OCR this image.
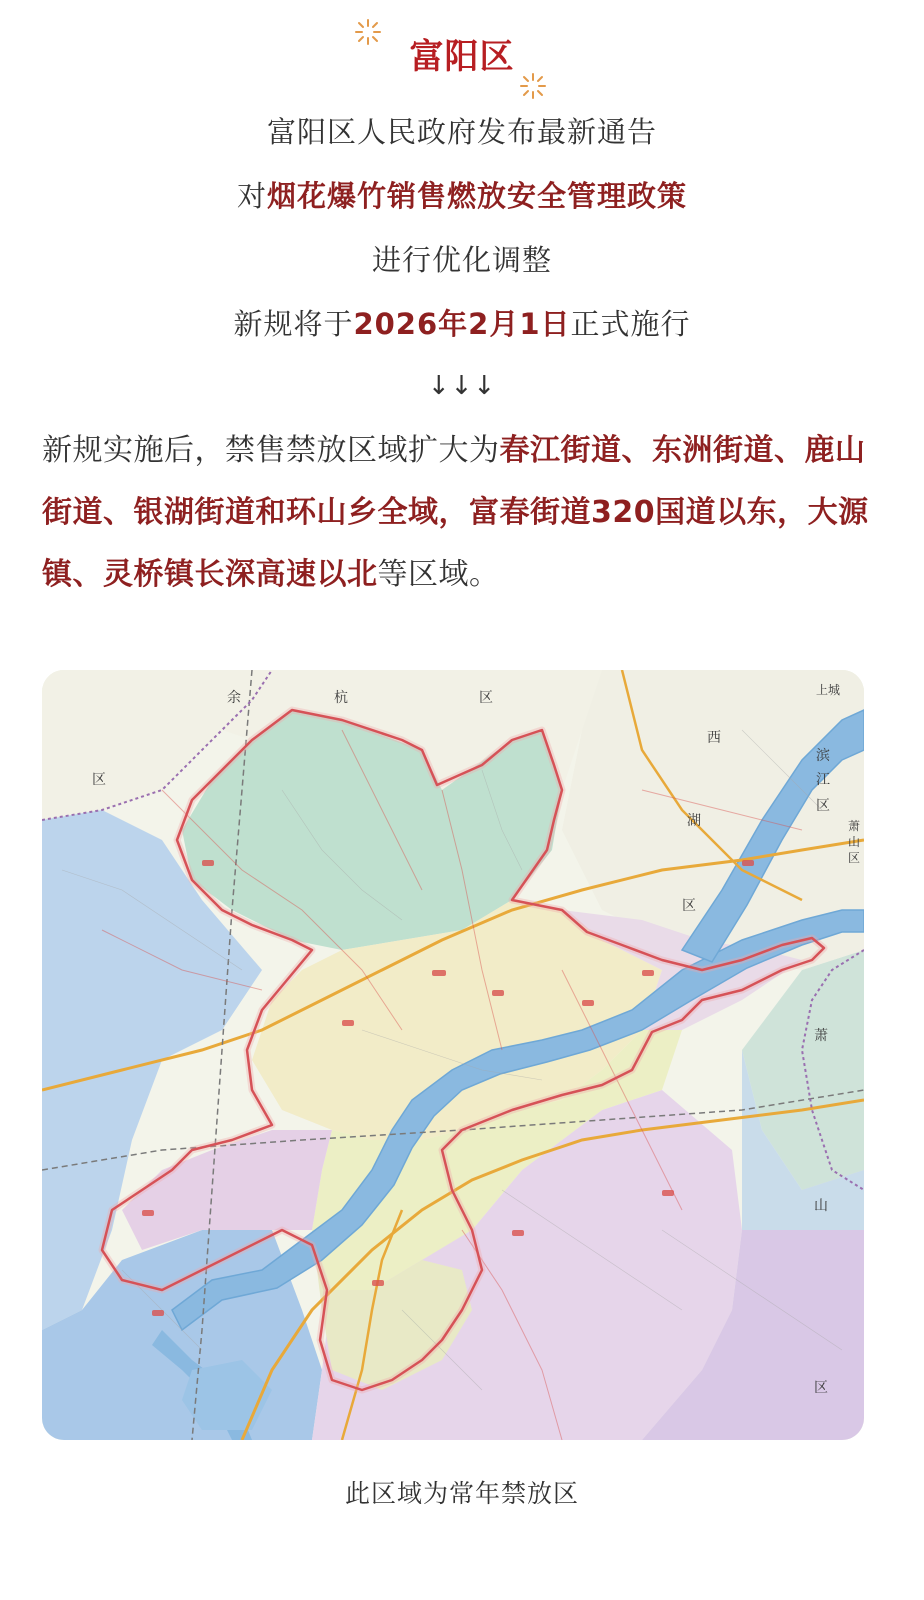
富阳区
富阳区人民政府发布最新通告
对烟花爆竹销售燃放安全管理政策
进行优化调整
新规将于2026年2月1日正式施行
↓↓↓
新规实施后，禁售禁放区域扩大为春江街道、东洲街道、鹿山街道、银湖街道和环山乡全域，富春街道320国道以东，大源镇、灵桥镇长深高速以北等区域。
余	杭	区
西
湖
区
上城
滨
江
区
萧
山
区
萧
山
区
区
此区域为常年禁放区
